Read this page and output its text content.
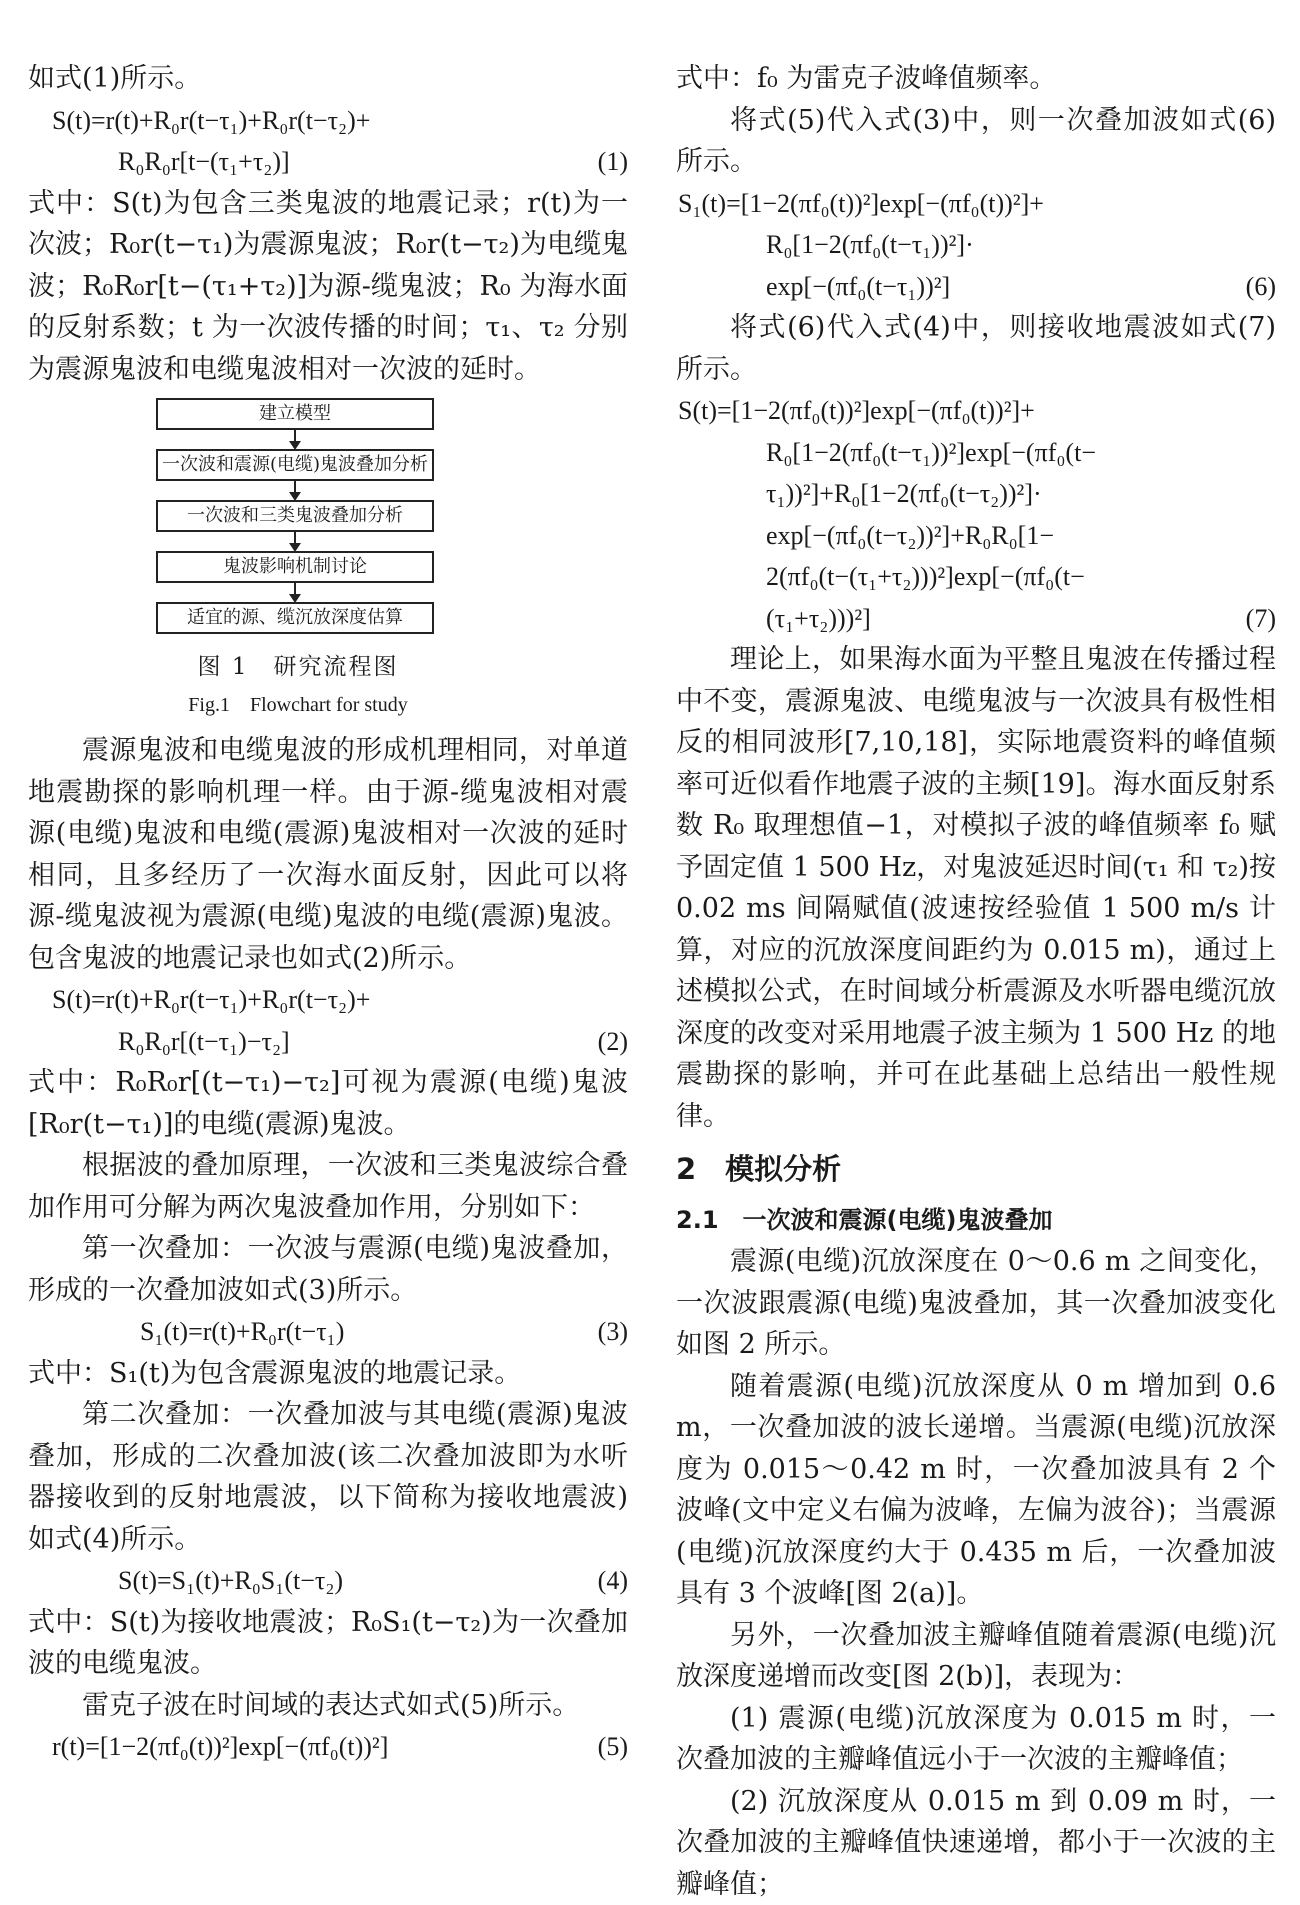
如式(1)所示。

S(t)=r(t)+R₀r(t−τ₁)+R₀r(t−τ₂)+
R₀R₀r[t−(τ₁+τ₂)]	(1)

式中：S(t)为包含三类鬼波的地震记录；r(t)为一次波；R₀r(t−τ₁)为震源鬼波；R₀r(t−τ₂)为电缆鬼波；R₀R₀r[t−(τ₁+τ₂)]为源-缆鬼波；R₀ 为海水面的反射系数；t 为一次波传播的时间；τ₁、τ₂ 分别为震源鬼波和电缆鬼波相对一次波的延时。

建立模型
一次波和震源(电缆)鬼波叠加分析
一次波和三类鬼波叠加分析
鬼波影响机制讨论
适宜的源、缆沉放深度估算
图 1　研究流程图
Fig.1　Flowchart for study

震源鬼波和电缆鬼波的形成机理相同，对单道地震勘探的影响机理一样。由于源-缆鬼波相对震源(电缆)鬼波和电缆(震源)鬼波相对一次波的延时相同，且多经历了一次海水面反射，因此可以将源-缆鬼波视为震源(电缆)鬼波的电缆(震源)鬼波。包含鬼波的地震记录也如式(2)所示。

S(t)=r(t)+R₀r(t−τ₁)+R₀r(t−τ₂)+
R₀R₀r[(t−τ₁)−τ₂]	(2)

式中：R₀R₀r[(t−τ₁)−τ₂]可视为震源(电缆)鬼波[R₀r(t−τ₁)]的电缆(震源)鬼波。

根据波的叠加原理，一次波和三类鬼波综合叠加作用可分解为两次鬼波叠加作用，分别如下：

第一次叠加：一次波与震源(电缆)鬼波叠加，形成的一次叠加波如式(3)所示。

S₁(t)=r(t)+R₀r(t−τ₁)	(3)

式中：S₁(t)为包含震源鬼波的地震记录。

第二次叠加：一次叠加波与其电缆(震源)鬼波叠加，形成的二次叠加波(该二次叠加波即为水听器接收到的反射地震波，以下简称为接收地震波)如式(4)所示。

S(t)=S₁(t)+R₀S₁(t−τ₂)	(4)

式中：S(t)为接收地震波；R₀S₁(t−τ₂)为一次叠加波的电缆鬼波。

雷克子波在时间域的表达式如式(5)所示。

r(t)=[1−2(πf₀(t))²]exp[−(πf₀(t))²]	(5)

式中：f₀ 为雷克子波峰值频率。

将式(5)代入式(3)中，则一次叠加波如式(6)所示。

S₁(t)=[1−2(πf₀(t))²]exp[−(πf₀(t))²]+
R₀[1−2(πf₀(t−τ₁))²]·
exp[−(πf₀(t−τ₁))²]	(6)

将式(6)代入式(4)中，则接收地震波如式(7)所示。

S(t)=[1−2(πf₀(t))²]exp[−(πf₀(t))²]+
R₀[1−2(πf₀(t−τ₁))²]exp[−(πf₀(t−
τ₁))²]+R₀[1−2(πf₀(t−τ₂))²]·
exp[−(πf₀(t−τ₂))²]+R₀R₀[1−
2(πf₀(t−(τ₁+τ₂)))²]exp[−(πf₀(t−
(τ₁+τ₂)))²]	(7)

理论上，如果海水面为平整且鬼波在传播过程中不变，震源鬼波、电缆鬼波与一次波具有极性相反的相同波形[7,10,18]，实际地震资料的峰值频率可近似看作地震子波的主频[19]。海水面反射系数 R₀ 取理想值−1，对模拟子波的峰值频率 f₀ 赋予固定值 1 500 Hz，对鬼波延迟时间(τ₁ 和 τ₂)按 0.02 ms 间隔赋值(波速按经验值 1 500 m/s 计算，对应的沉放深度间距约为 0.015 m)，通过上述模拟公式，在时间域分析震源及水听器电缆沉放深度的改变对采用地震子波主频为 1 500 Hz 的地震勘探的影响，并可在此基础上总结出一般性规律。

2　模拟分析
2.1　一次波和震源(电缆)鬼波叠加

震源(电缆)沉放深度在 0～0.6 m 之间变化，一次波跟震源(电缆)鬼波叠加，其一次叠加波变化如图 2 所示。

随着震源(电缆)沉放深度从 0 m 增加到 0.6 m，一次叠加波的波长递增。当震源(电缆)沉放深度为 0.015～0.42 m 时，一次叠加波具有 2 个波峰(文中定义右偏为波峰，左偏为波谷)；当震源(电缆)沉放深度约大于 0.435 m 后，一次叠加波具有 3 个波峰[图 2(a)]。

另外，一次叠加波主瓣峰值随着震源(电缆)沉放深度递增而改变[图 2(b)]，表现为：

(1) 震源(电缆)沉放深度为 0.015 m 时，一次叠加波的主瓣峰值远小于一次波的主瓣峰值；

(2) 沉放深度从 0.015 m 到 0.09 m 时，一次叠加波的主瓣峰值快速递增，都小于一次波的主瓣峰值；
